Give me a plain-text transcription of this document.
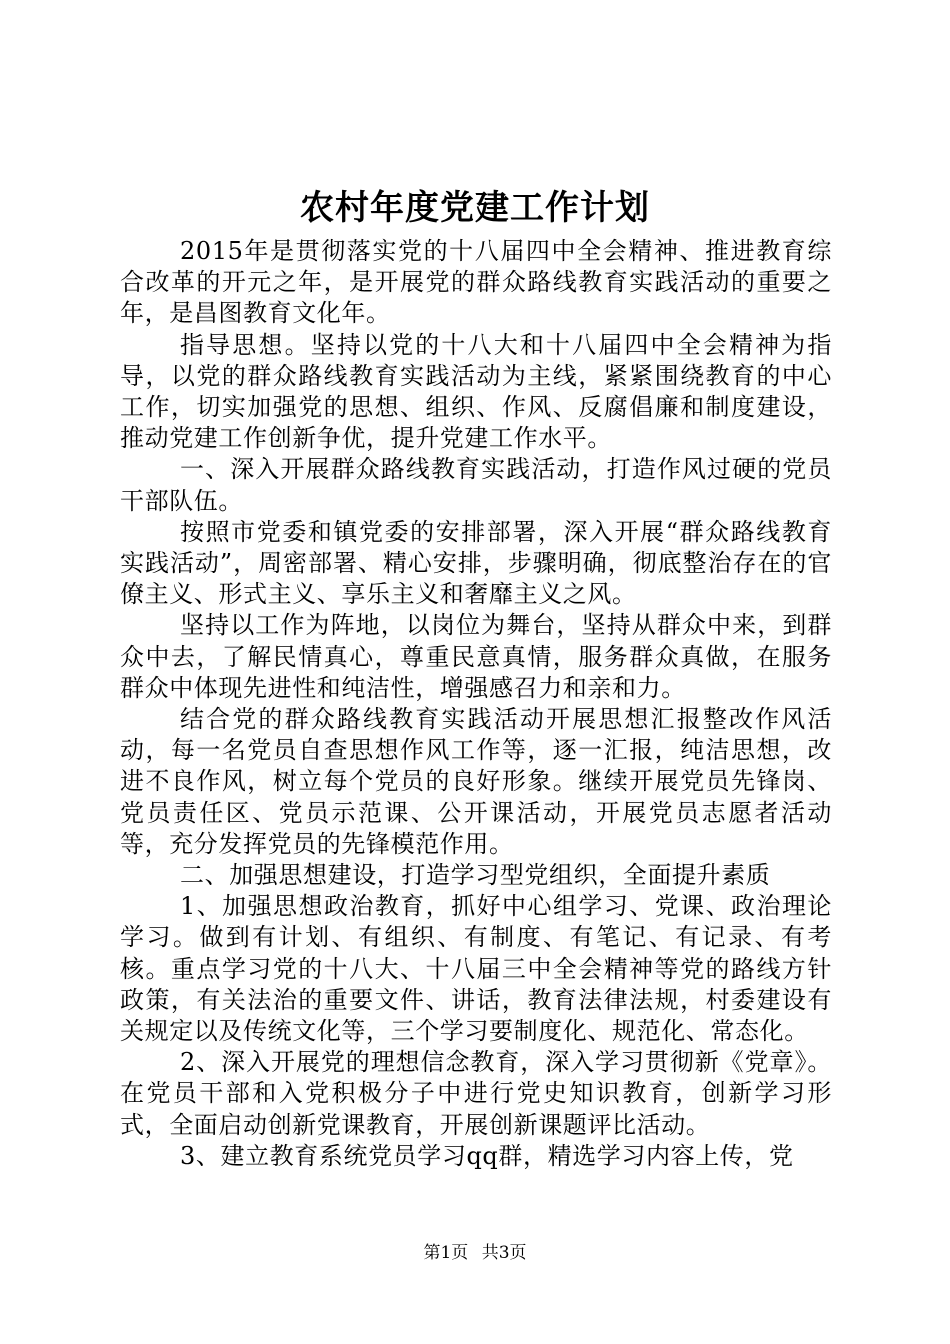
农村年度党建工作计划

2015年是贯彻落实党的十八届四中全会精神、推进教育综合改革的开元之年，是开展党的群众路线教育实践活动的重要之年，是昌图教育文化年。

指导思想。坚持以党的十八大和十八届四中全会精神为指导，以党的群众路线教育实践活动为主线，紧紧围绕教育的中心工作，切实加强党的思想、组织、作风、反腐倡廉和制度建设，推动党建工作创新争优，提升党建工作水平。

一、深入开展群众路线教育实践活动，打造作风过硬的党员干部队伍。

按照市党委和镇党委的安排部署，深入开展“群众路线教育实践活动”，周密部署、精心安排，步骤明确，彻底整治存在的官僚主义、形式主义、享乐主义和奢靡主义之风。

坚持以工作为阵地，以岗位为舞台，坚持从群众中来，到群众中去，了解民情真心，尊重民意真情，服务群众真做，在服务群众中体现先进性和纯洁性，增强感召力和亲和力。

结合党的群众路线教育实践活动开展思想汇报整改作风活动，每一名党员自查思想作风工作等，逐一汇报，纯洁思想，改进不良作风，树立每个党员的良好形象。继续开展党员先锋岗、党员责任区、党员示范课、公开课活动，开展党员志愿者活动等，充分发挥党员的先锋模范作用。

二、加强思想建设，打造学习型党组织，全面提升素质

1、加强思想政治教育，抓好中心组学习、党课、政治理论学习。做到有计划、有组织、有制度、有笔记、有记录、有考核。重点学习党的十八大、十八届三中全会精神等党的路线方针政策，有关法治的重要文件、讲话，教育法律法规，村委建设有关规定以及传统文化等，三个学习要制度化、规范化、常态化。

2、深入开展党的理想信念教育，深入学习贯彻新《党章》。在党员干部和入党积极分子中进行党史知识教育，创新学习形式，全面启动创新党课教育，开展创新课题评比活动。

3、建立教育系统党员学习qq群，精选学习内容上传，党

第1页 共3页
